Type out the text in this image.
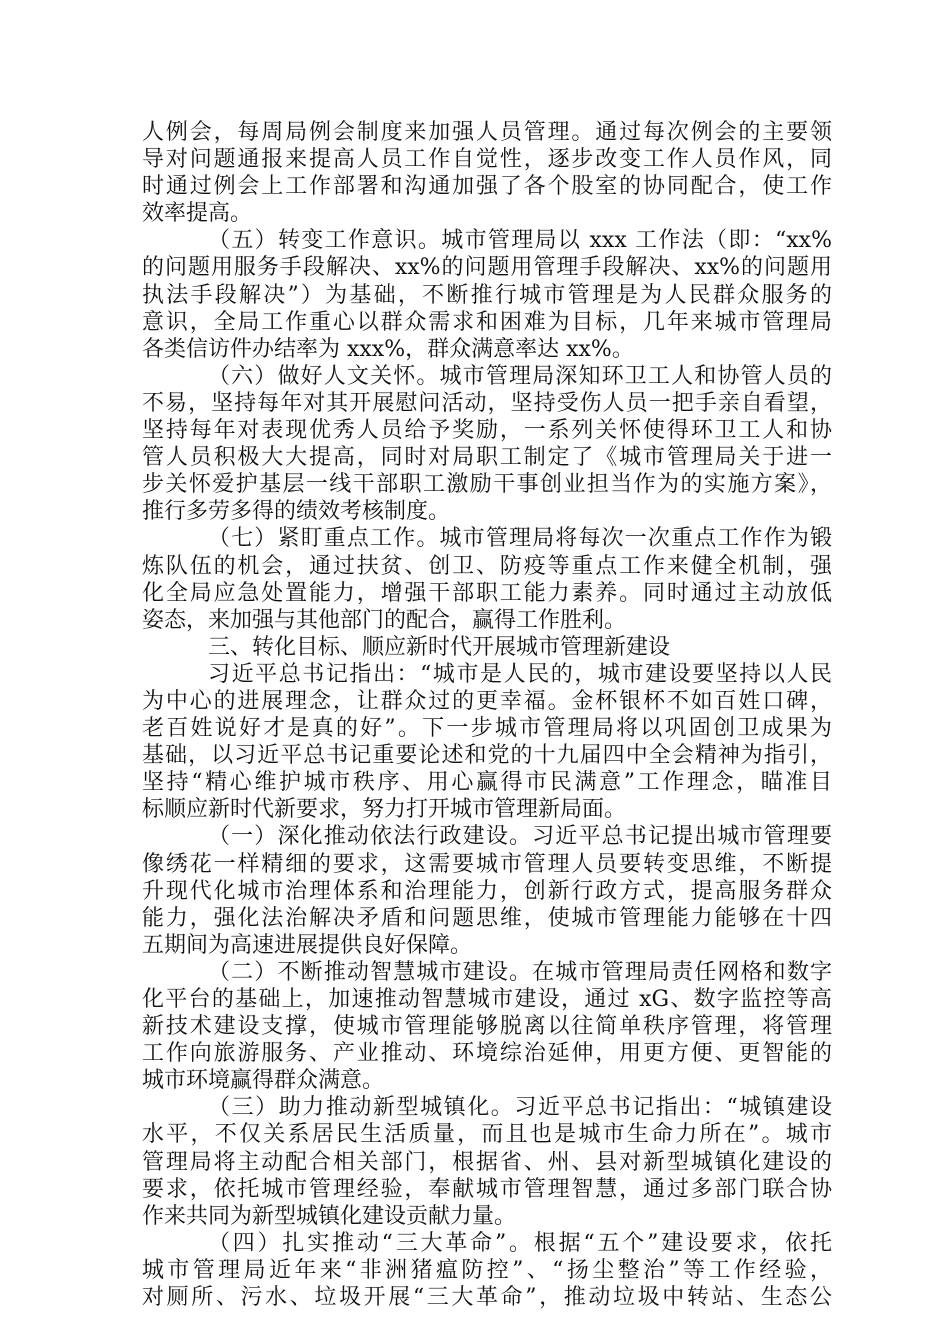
人例会，每周局例会制度来加强人员管理。通过每次例会的主要领
导对问题通报来提高人员工作自觉性，逐步改变工作人员作风，同
时通过例会上工作部署和沟通加强了各个股室的协同配合，使工作
效率提高。
（五）转变工作意识。城市管理局以 xxx 工作法（即：“xx%
的问题用服务手段解决、xx%的问题用管理手段解决、xx%的问题用
执法手段解决”）为基础，不断推行城市管理是为人民群众服务的
意识，全局工作重心以群众需求和困难为目标，几年来城市管理局
各类信访件办结率为 xxx%，群众满意率达 xx%。
（六）做好人文关怀。城市管理局深知环卫工人和协管人员的
不易，坚持每年对其开展慰问活动，坚持受伤人员一把手亲自看望，
坚持每年对表现优秀人员给予奖励，一系列关怀使得环卫工人和协
管人员积极大大提高，同时对局职工制定了《城市管理局关于进一
步关怀爱护基层一线干部职工激励干事创业担当作为的实施方案》，
推行多劳多得的绩效考核制度。
（七）紧盯重点工作。城市管理局将每次一次重点工作作为锻
炼队伍的机会，通过扶贫、创卫、防疫等重点工作来健全机制，强
化全局应急处置能力，增强干部职工能力素养。同时通过主动放低
姿态，来加强与其他部门的配合，赢得工作胜利。
三、转化目标、顺应新时代开展城市管理新建设
习近平总书记指出：“城市是人民的，城市建设要坚持以人民
为中心的进展理念，让群众过的更幸福。金杯银杯不如百姓口碑，
老百姓说好才是真的好”。下一步城市管理局将以巩固创卫成果为
基础，以习近平总书记重要论述和党的十九届四中全会精神为指引，
坚持“精心维护城市秩序、用心赢得市民满意”工作理念，瞄准目
标顺应新时代新要求，努力打开城市管理新局面。
（一）深化推动依法行政建设。习近平总书记提出城市管理要
像绣花一样精细的要求，这需要城市管理人员要转变思维，不断提
升现代化城市治理体系和治理能力，创新行政方式，提高服务群众
能力，强化法治解决矛盾和问题思维，使城市管理能力能够在十四
五期间为高速进展提供良好保障。
（二）不断推动智慧城市建设。在城市管理局责任网格和数字
化平台的基础上，加速推动智慧城市建设，通过 xG、数字监控等高
新技术建设支撑，使城市管理能够脱离以往简单秩序管理，将管理
工作向旅游服务、产业推动、环境综治延伸，用更方便、更智能的
城市环境赢得群众满意。
（三）助力推动新型城镇化。习近平总书记指出：“城镇建设
水平，不仅关系居民生活质量，而且也是城市生命力所在”。城市
管理局将主动配合相关部门，根据省、州、县对新型城镇化建设的
要求，依托城市管理经验，奉献城市管理智慧，通过多部门联合协
作来共同为新型城镇化建设贡献力量。
（四）扎实推动“三大革命”。根据“五个”建设要求，依托
城市管理局近年来“非洲猪瘟防控”、“扬尘整治”等工作经验，
对厕所、污水、垃圾开展“三大革命”，推动垃圾中转站、生态公
